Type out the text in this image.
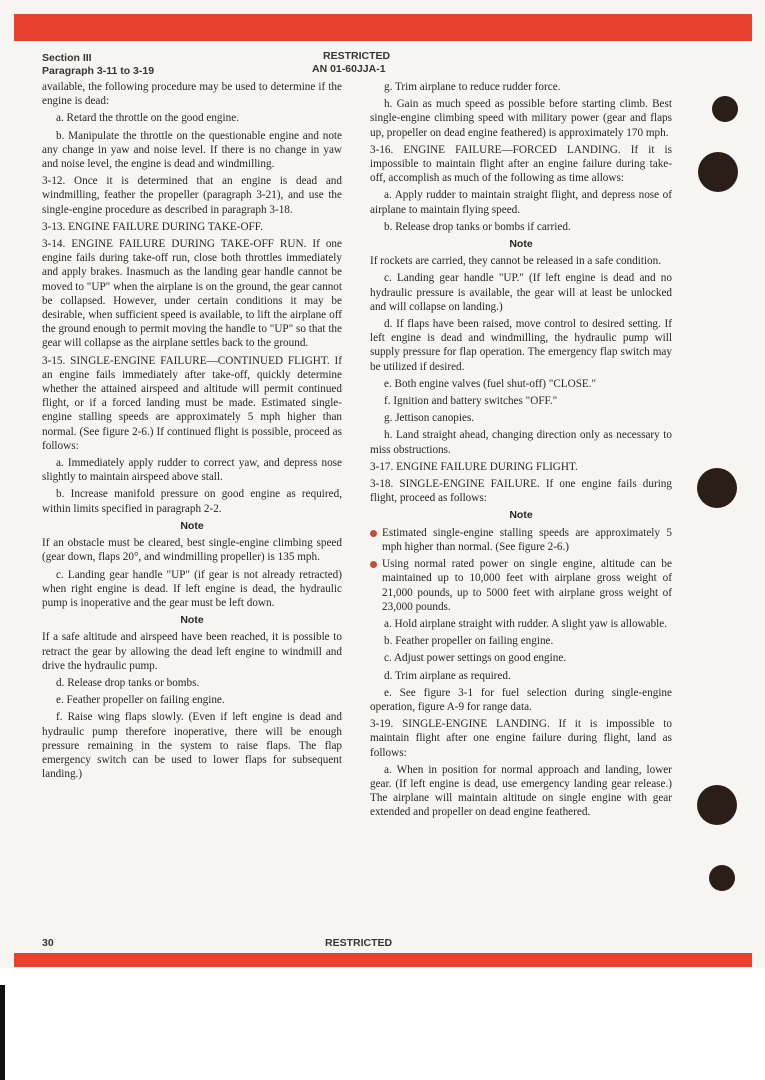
Section III
Paragraph 3-11 to 3-19
RESTRICTED
AN 01-60JJA-1

available, the following procedure may be used to determine if the engine is dead:

a. Retard the throttle on the good engine.

b. Manipulate the throttle on the questionable engine and note any change in yaw and noise level. If there is no change in yaw and noise level, the engine is dead and windmilling.

3-12. Once it is determined that an engine is dead and windmilling, feather the propeller (paragraph 3-21), and use the single-engine procedure as described in paragraph 3-18.

3-13. ENGINE FAILURE DURING TAKE-OFF.

3-14. ENGINE FAILURE DURING TAKE-OFF RUN. If one engine fails during take-off run, close both throttles immediately and apply brakes. Inasmuch as the landing gear handle cannot be moved to "UP" when the airplane is on the ground, the gear cannot be collapsed. However, under certain conditions it may be desirable, when sufficient speed is available, to lift the airplane off the ground enough to permit moving the handle to "UP" so that the gear will collapse as the airplane settles back to the ground.

3-15. SINGLE-ENGINE FAILURE—CONTINUED FLIGHT. If an engine fails immediately after take-off, quickly determine whether the attained airspeed and altitude will permit continued flight, or if a forced landing must be made. Estimated single-engine stalling speeds are approximately 5 mph higher than normal. (See figure 2-6.) If continued flight is possible, proceed as follows:

a. Immediately apply rudder to correct yaw, and depress nose slightly to maintain airspeed above stall.

b. Increase manifold pressure on good engine as required, within limits specified in paragraph 2-2.

Note

If an obstacle must be cleared, best single-engine climbing speed (gear down, flaps 20°, and windmilling propeller) is 135 mph.

c. Landing gear handle "UP" (if gear is not already retracted) when right engine is dead. If left engine is dead, the hydraulic pump is inoperative and the gear must be left down.

Note

If a safe altitude and airspeed have been reached, it is possible to retract the gear by allowing the dead left engine to windmill and drive the hydraulic pump.

d. Release drop tanks or bombs.

e. Feather propeller on failing engine.

f. Raise wing flaps slowly. (Even if left engine is dead and hydraulic pump therefore inoperative, there will be enough pressure remaining in the system to raise flaps. The flap emergency switch can be used to lower flaps for subsequent landing.)

g. Trim airplane to reduce rudder force.

h. Gain as much speed as possible before starting climb. Best single-engine climbing speed with military power (gear and flaps up, propeller on dead engine feathered) is approximately 170 mph.

3-16. ENGINE FAILURE—FORCED LANDING. If it is impossible to maintain flight after an engine failure during take-off, accomplish as much of the following as time allows:

a. Apply rudder to maintain straight flight, and depress nose of airplane to maintain flying speed.

b. Release drop tanks or bombs if carried.

Note

If rockets are carried, they cannot be released in a safe condition.

c. Landing gear handle "UP." (If left engine is dead and no hydraulic pressure is available, the gear will at least be unlocked and will collapse on landing.)

d. If flaps have been raised, move control to desired setting. If left engine is dead and windmilling, the hydraulic pump will supply pressure for flap operation. The emergency flap switch may be utilized if desired.

e. Both engine valves (fuel shut-off) "CLOSE."

f. Ignition and battery switches "OFF."

g. Jettison canopies.

h. Land straight ahead, changing direction only as necessary to miss obstructions.

3-17. ENGINE FAILURE DURING FLIGHT.

3-18. SINGLE-ENGINE FAILURE. If one engine fails during flight, proceed as follows:

Note

Estimated single-engine stalling speeds are approximately 5 mph higher than normal. (See figure 2-6.)

Using normal rated power on single engine, altitude can be maintained up to 10,000 feet with airplane gross weight of 21,000 pounds, up to 5000 feet with airplane gross weight of 23,000 pounds.

a. Hold airplane straight with rudder. A slight yaw is allowable.

b. Feather propeller on failing engine.

c. Adjust power settings on good engine.

d. Trim airplane as required.

e. See figure 3-1 for fuel selection during single-engine operation, figure A-9 for range data.

3-19. SINGLE-ENGINE LANDING. If it is impossible to maintain flight after one engine failure during flight, land as follows:

a. When in position for normal approach and landing, lower gear. (If left engine is dead, use emergency landing gear release.) The airplane will maintain altitude on single engine with gear extended and propeller on dead engine feathered.

30	RESTRICTED
